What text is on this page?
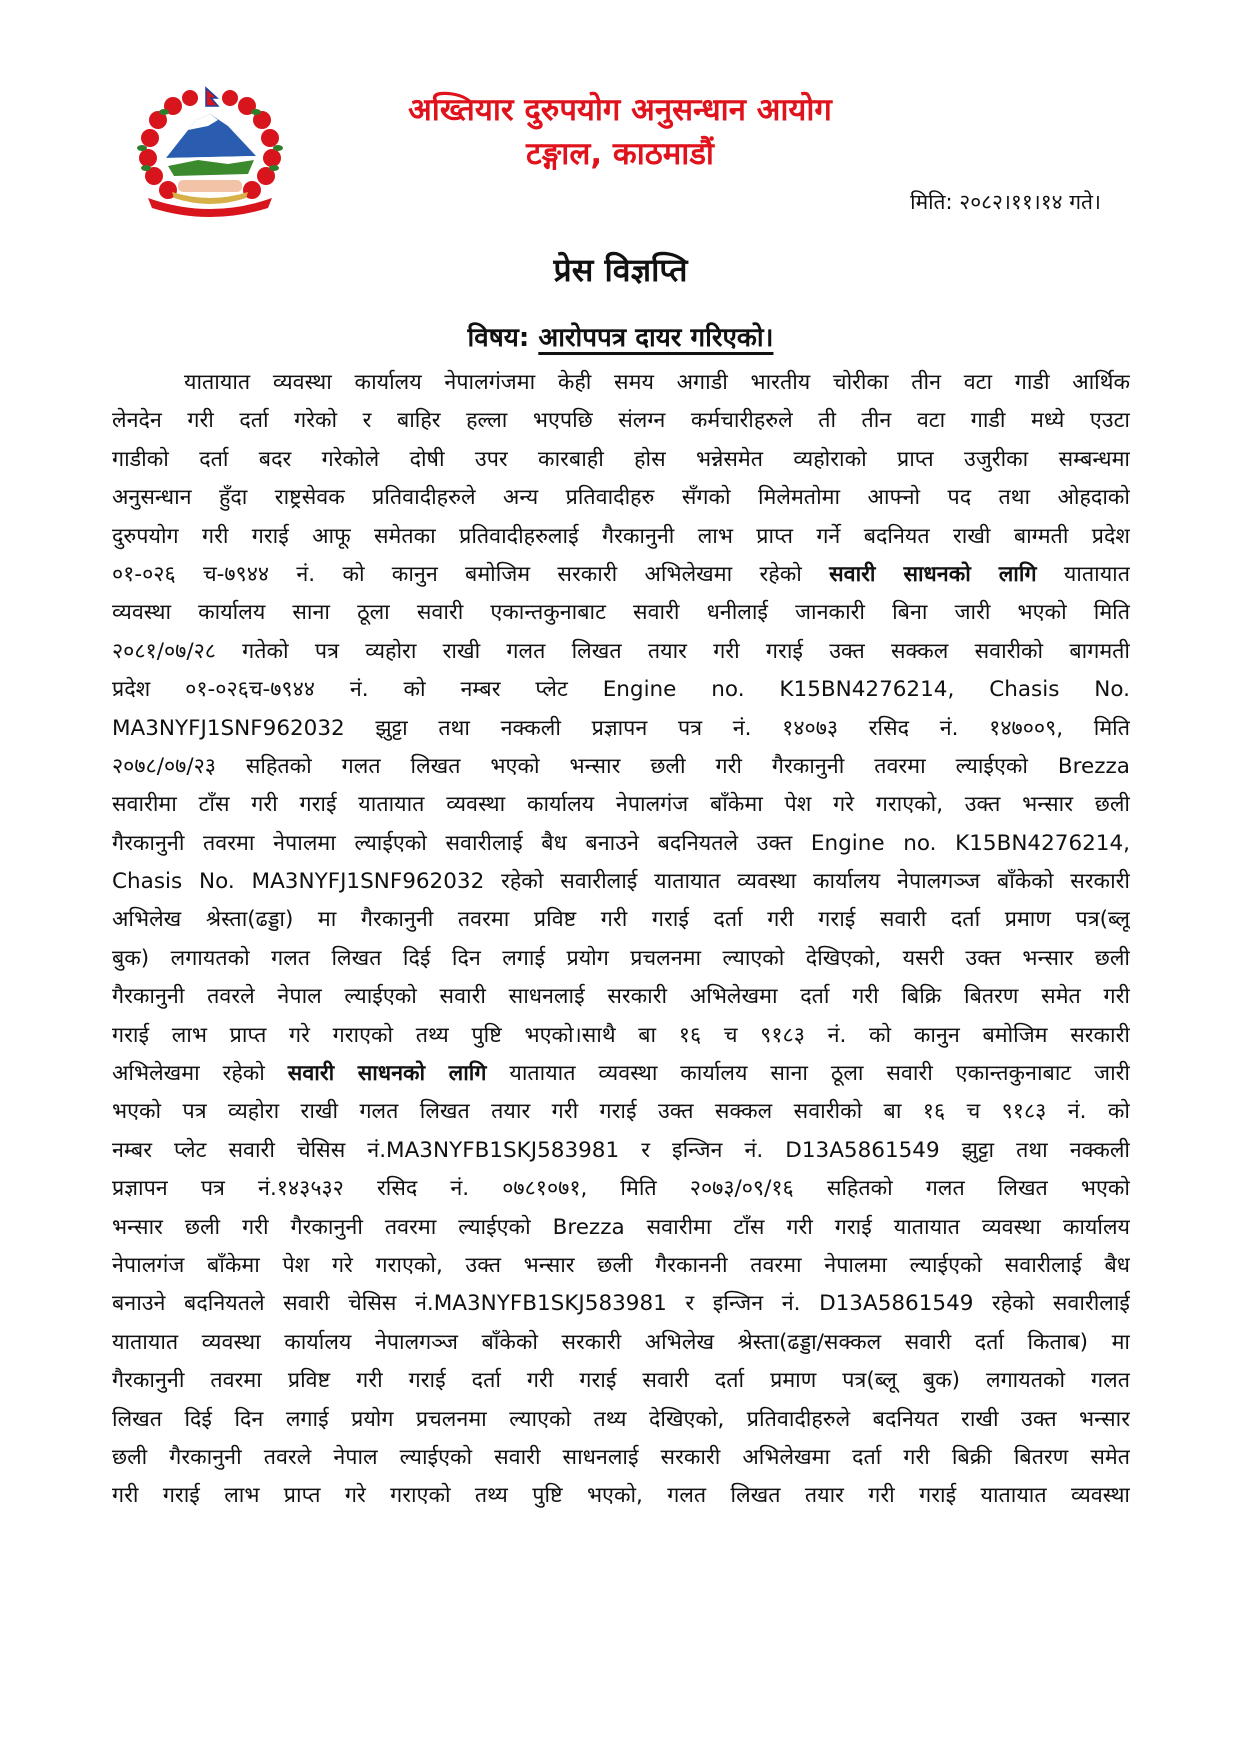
अख्तियार दुरुपयोग अनुसन्धान आयोग
टङ्गाल, काठमाडौं
मिति: २०८२।११।१४ गते।
प्रेस विज्ञप्ति
विषय: आरोपपत्र दायर गरिएको।
यातायात व्यवस्था कार्यालय नेपालगंजमा केही समय अगाडी भारतीय चोरीका तीन वटा गाडी आर्थिक
लेनदेन गरी दर्ता गरेको र बाहिर हल्ला भएपछि संलग्न कर्मचारीहरुले ती तीन वटा गाडी मध्ये एउटा
गाडीको दर्ता बदर गरेकोले दोषी उपर कारबाही होस भन्नेसमेत व्यहोराको प्राप्त उजुरीका सम्बन्धमा
अनुसन्धान हुँदा राष्ट्रसेवक प्रतिवादीहरुले अन्य प्रतिवादीहरु सँगको मिलेमतोमा आफ्नो पद तथा ओहदाको
दुरुपयोग गरी गराई आफू समेतका प्रतिवादीहरुलाई गैरकानुनी लाभ प्राप्त गर्ने बदनियत राखी बाग्मती प्रदेश
०१-०२६ च-७९४४ नं. को कानुन बमोजिम सरकारी अभिलेखमा रहेको सवारी साधनको लागि यातायात
व्यवस्था कार्यालय साना ठूला सवारी एकान्तकुनाबाट सवारी धनीलाई जानकारी बिना जारी भएको मिति
२०८१/०७/२८ गतेको पत्र व्यहोरा राखी गलत लिखत तयार गरी गराई उक्त सक्कल सवारीको बागमती
प्रदेश ०१-०२६च-७९४४ नं. को नम्बर प्लेट Engine no. K15BN4276214, Chasis No.
MA3NYFJ1SNF962032 झुट्टा तथा नक्कली प्रज्ञापन पत्र नं. १४०७३ रसिद नं. १४७००९, मिति
२०७८/०७/२३ सहितको गलत लिखत भएको भन्सार छली गरी गैरकानुनी तवरमा ल्याईएको Brezza
सवारीमा टाँस गरी गराई यातायात व्यवस्था कार्यालय नेपालगंज बाँकेमा पेश गरे गराएको, उक्त भन्सार छली
गैरकानुनी तवरमा नेपालमा ल्याईएको सवारीलाई बैध बनाउने बदनियतले उक्त Engine no. K15BN4276214,
Chasis No. MA3NYFJ1SNF962032 रहेको सवारीलाई यातायात व्यवस्था कार्यालय नेपालगञ्ज बाँकेको सरकारी
अभिलेख श्रेस्ता(ढड्डा) मा गैरकानुनी तवरमा प्रविष्ट गरी गराई दर्ता गरी गराई सवारी दर्ता प्रमाण पत्र(ब्लू
बुक) लगायतको गलत लिखत दिई दिन लगाई प्रयोग प्रचलनमा ल्याएको देखिएको, यसरी उक्त भन्सार छली
गैरकानुनी तवरले नेपाल ल्याईएको सवारी साधनलाई सरकारी अभिलेखमा दर्ता गरी बिक्रि बितरण समेत गरी
गराई लाभ प्राप्त गरे गराएको तथ्य पुष्टि भएको।साथै बा १६ च ९१८३ नं. को कानुन बमोजिम सरकारी
अभिलेखमा रहेको सवारी साधनको लागि यातायात व्यवस्था कार्यालय साना ठूला सवारी एकान्तकुनाबाट जारी
भएको पत्र व्यहोरा राखी गलत लिखत तयार गरी गराई उक्त सक्कल सवारीको बा १६ च ९१८३ नं. को
नम्बर प्लेट सवारी चेसिस नं.MA3NYFB1SKJ583981 र इन्जिन नं. D13A5861549 झुट्टा तथा नक्कली
प्रज्ञापन पत्र नं.१४३५३२ रसिद नं. ०७८१०७१, मिति २०७३/०९/१६ सहितको गलत लिखत भएको
भन्सार छली गरी गैरकानुनी तवरमा ल्याईएको Brezza सवारीमा टाँस गरी गराई यातायात व्यवस्था कार्यालय
नेपालगंज बाँकेमा पेश गरे गराएको, उक्त भन्सार छली गैरकाननी तवरमा नेपालमा ल्याईएको सवारीलाई बैध
बनाउने बदनियतले सवारी चेसिस नं.MA3NYFB1SKJ583981 र इन्जिन नं. D13A5861549 रहेको सवारीलाई
यातायात व्यवस्था कार्यालय नेपालगञ्ज बाँकेको सरकारी अभिलेख श्रेस्ता(ढड्डा/सक्कल सवारी दर्ता किताब) मा
गैरकानुनी तवरमा प्रविष्ट गरी गराई दर्ता गरी गराई सवारी दर्ता प्रमाण पत्र(ब्लू बुक) लगायतको गलत
लिखत दिई दिन लगाई प्रयोग प्रचलनमा ल्याएको तथ्य देखिएको, प्रतिवादीहरुले बदनियत राखी उक्त भन्सार
छली गैरकानुनी तवरले नेपाल ल्याईएको सवारी साधनलाई सरकारी अभिलेखमा दर्ता गरी बिक्री बितरण समेत
गरी गराई लाभ प्राप्त गरे गराएको तथ्य पुष्टि भएको, गलत लिखत तयार गरी गराई यातायात व्यवस्था
